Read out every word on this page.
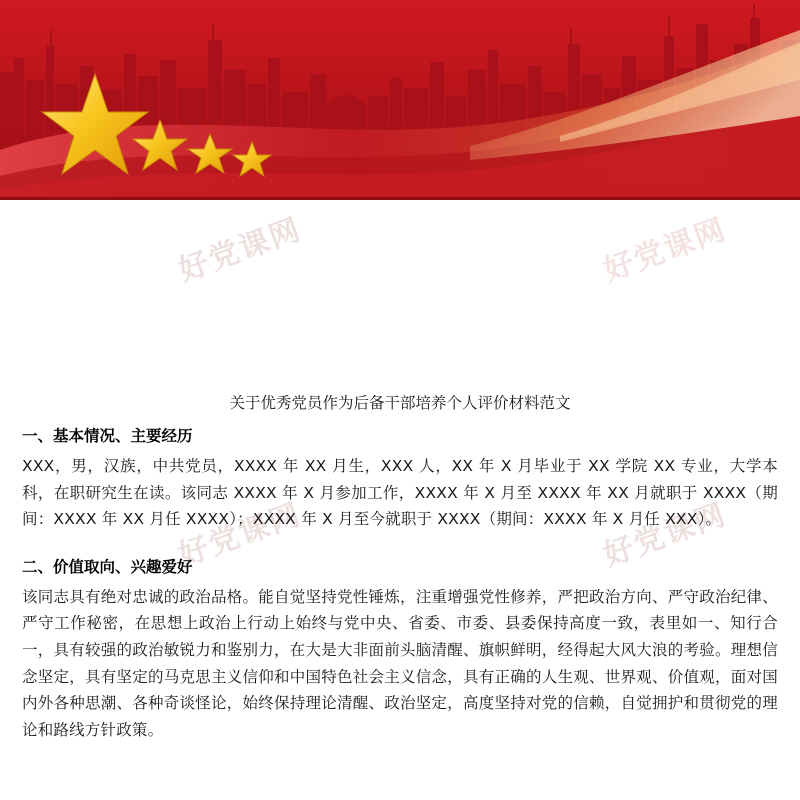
好党课网	好党课网
好党课网	好党课网
关于优秀党员作为后备干部培养个人评价材料范文
一、基本情况、主要经历

XXX，男，汉族，中共党员，XXXX 年 XX 月生，XXX 人，XX 年 X 月毕业于 XX 学院 XX 专业，大学本科，在职研究生在读。该同志 XXXX 年 X 月参加工作，XXXX 年 X 月至 XXXX 年 XX 月就职于 XXXX（期间：XXXX 年 XX 月任 XXXX）；XXXX 年 X 月至今就职于 XXXX（期间：XXXX 年 X 月任 XXX）。

二、价值取向、兴趣爱好

该同志具有绝对忠诚的政治品格。能自觉坚持党性锤炼，注重增强党性修养，严把政治方向、严守政治纪律、严守工作秘密，在思想上政治上行动上始终与党中央、省委、市委、县委保持高度一致，表里如一、知行合一，具有较强的政治敏锐力和鉴别力，在大是大非面前头脑清醒、旗帜鲜明，经得起大风大浪的考验。理想信念坚定，具有坚定的马克思主义信仰和中国特色社会主义信念，具有正确的人生观、世界观、价值观，面对国内外各种思潮、各种奇谈怪论，始终保持理论清醒、政治坚定，高度坚持对党的信赖，自觉拥护和贯彻党的理论和路线方针政策。
